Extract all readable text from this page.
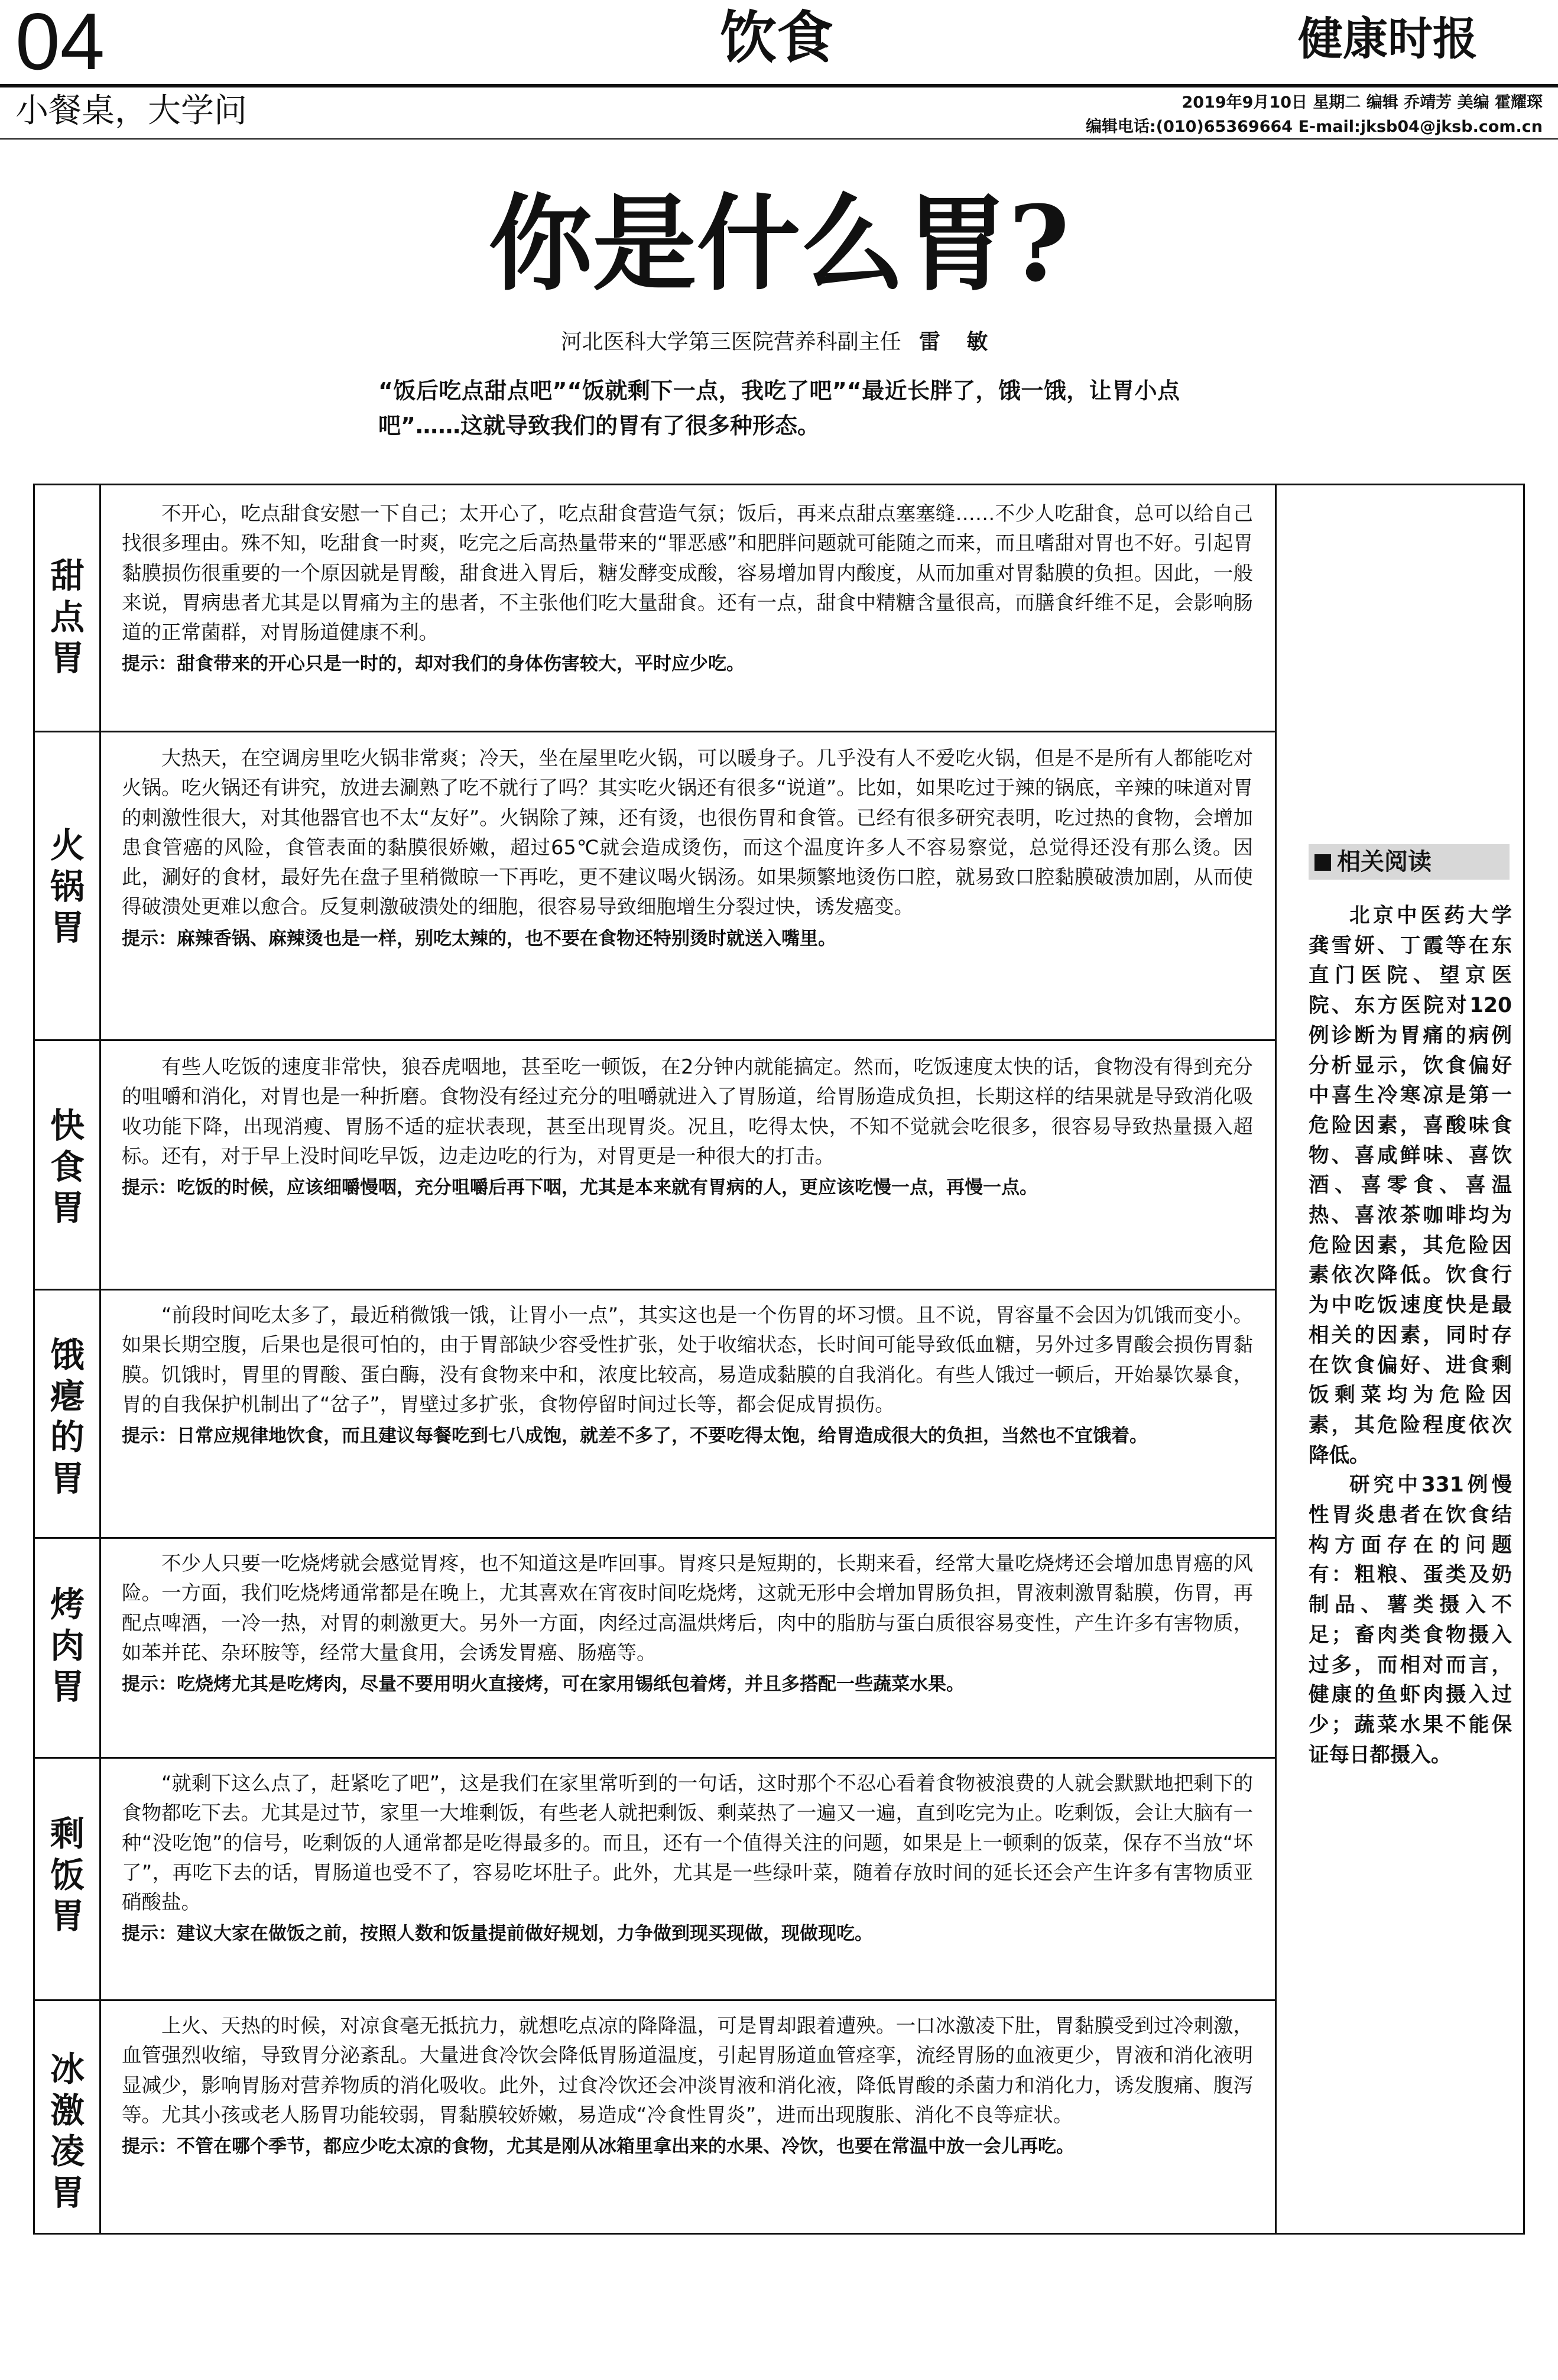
04	饮食	健康时报
小餐桌，大学问	2019年9月10日 星期二 编辑 乔靖芳 美编 霍耀琛
编辑电话:(010)65369664 E-mail:jksb04@jksb.com.cn
你是什么胃?
河北医科大学第三医院营养科副主任 雷 敏
“饭后吃点甜点吧”“饭就剩下一点，我吃了吧”“最近长胖了，饿一饿，让胃小点吧”……这就导致我们的胃有了很多种形态。
甜
点
胃

不开心，吃点甜食安慰一下自己；太开心了，吃点甜食营造气氛；饭后，再来点甜点塞塞缝……不少人吃甜食，总可以给自己找很多理由。殊不知，吃甜食一时爽，吃完之后高热量带来的“罪恶感”和肥胖问题就可能随之而来，而且嗜甜对胃也不好。引起胃黏膜损伤很重要的一个原因就是胃酸，甜食进入胃后，糖发酵变成酸，容易增加胃内酸度，从而加重对胃黏膜的负担。因此，一般来说，胃病患者尤其是以胃痛为主的患者，不主张他们吃大量甜食。还有一点，甜食中精糖含量很高，而膳食纤维不足，会影响肠道的正常菌群，对胃肠道健康不利。

提示：甜食带来的开心只是一时的，却对我们的身体伤害较大，平时应少吃。

火
锅
胃

大热天，在空调房里吃火锅非常爽；冷天，坐在屋里吃火锅，可以暖身子。几乎没有人不爱吃火锅，但是不是所有人都能吃对火锅。吃火锅还有讲究，放进去涮熟了吃不就行了吗？其实吃火锅还有很多“说道”。比如，如果吃过于辣的锅底，辛辣的味道对胃的刺激性很大，对其他器官也不太“友好”。火锅除了辣，还有烫，也很伤胃和食管。已经有很多研究表明，吃过热的食物，会增加患食管癌的风险，食管表面的黏膜很娇嫩，超过65℃就会造成烫伤，而这个温度许多人不容易察觉，总觉得还没有那么烫。因此，涮好的食材，最好先在盘子里稍微晾一下再吃，更不建议喝火锅汤。如果频繁地烫伤口腔，就易致口腔黏膜破溃加剧，从而使得破溃处更难以愈合。反复刺激破溃处的细胞，很容易导致细胞增生分裂过快，诱发癌变。

提示：麻辣香锅、麻辣烫也是一样，别吃太辣的，也不要在食物还特别烫时就送入嘴里。

快
食
胃

有些人吃饭的速度非常快，狼吞虎咽地，甚至吃一顿饭，在2分钟内就能搞定。然而，吃饭速度太快的话，食物没有得到充分的咀嚼和消化，对胃也是一种折磨。食物没有经过充分的咀嚼就进入了胃肠道，给胃肠造成负担，长期这样的结果就是导致消化吸收功能下降，出现消瘦、胃肠不适的症状表现，甚至出现胃炎。况且，吃得太快，不知不觉就会吃很多，很容易导致热量摄入超标。还有，对于早上没时间吃早饭，边走边吃的行为，对胃更是一种很大的打击。

提示：吃饭的时候，应该细嚼慢咽，充分咀嚼后再下咽，尤其是本来就有胃病的人，更应该吃慢一点，再慢一点。

饿
瘪
的
胃

“前段时间吃太多了，最近稍微饿一饿，让胃小一点”，其实这也是一个伤胃的坏习惯。且不说，胃容量不会因为饥饿而变小。如果长期空腹，后果也是很可怕的，由于胃部缺少容受性扩张，处于收缩状态，长时间可能导致低血糖，另外过多胃酸会损伤胃黏膜。饥饿时，胃里的胃酸、蛋白酶，没有食物来中和，浓度比较高，易造成黏膜的自我消化。有些人饿过一顿后，开始暴饮暴食，胃的自我保护机制出了“岔子”，胃壁过多扩张，食物停留时间过长等，都会促成胃损伤。

提示：日常应规律地饮食，而且建议每餐吃到七八成饱，就差不多了，不要吃得太饱，给胃造成很大的负担，当然也不宜饿着。

烤
肉
胃

不少人只要一吃烧烤就会感觉胃疼，也不知道这是咋回事。胃疼只是短期的，长期来看，经常大量吃烧烤还会增加患胃癌的风险。一方面，我们吃烧烤通常都是在晚上，尤其喜欢在宵夜时间吃烧烤，这就无形中会增加胃肠负担，胃液刺激胃黏膜，伤胃，再配点啤酒，一冷一热，对胃的刺激更大。另外一方面，肉经过高温烘烤后，肉中的脂肪与蛋白质很容易变性，产生许多有害物质，如苯并芘、杂环胺等，经常大量食用，会诱发胃癌、肠癌等。

提示：吃烧烤尤其是吃烤肉，尽量不要用明火直接烤，可在家用锡纸包着烤，并且多搭配一些蔬菜水果。

剩
饭
胃

“就剩下这么点了，赶紧吃了吧”，这是我们在家里常听到的一句话，这时那个不忍心看着食物被浪费的人就会默默地把剩下的食物都吃下去。尤其是过节，家里一大堆剩饭，有些老人就把剩饭、剩菜热了一遍又一遍，直到吃完为止。吃剩饭，会让大脑有一种“没吃饱”的信号，吃剩饭的人通常都是吃得最多的。而且，还有一个值得关注的问题，如果是上一顿剩的饭菜，保存不当放“坏了”，再吃下去的话，胃肠道也受不了，容易吃坏肚子。此外，尤其是一些绿叶菜，随着存放时间的延长还会产生许多有害物质亚硝酸盐。

提示：建议大家在做饭之前，按照人数和饭量提前做好规划，力争做到现买现做，现做现吃。

冰
激
凌
胃

上火、天热的时候，对凉食毫无抵抗力，就想吃点凉的降降温，可是胃却跟着遭殃。一口冰激凌下肚，胃黏膜受到过冷刺激，血管强烈收缩，导致胃分泌紊乱。大量进食冷饮会降低胃肠道温度，引起胃肠道血管痉挛，流经胃肠的血液更少，胃液和消化液明显减少，影响胃肠对营养物质的消化吸收。此外，过食冷饮还会冲淡胃液和消化液，降低胃酸的杀菌力和消化力，诱发腹痛、腹泻等。尤其小孩或老人肠胃功能较弱，胃黏膜较娇嫩，易造成“冷食性胃炎”，进而出现腹胀、消化不良等症状。

提示：不管在哪个季节，都应少吃太凉的食物，尤其是刚从冰箱里拿出来的水果、冷饮，也要在常温中放一会儿再吃。

相关阅读

北京中医药大学龚雪妍、丁霞等在东直门医院、望京医院、东方医院对120例诊断为胃痛的病例分析显示，饮食偏好中喜生冷寒凉是第一危险因素，喜酸味食物、喜咸鲜味、喜饮酒、喜零食、喜温热、喜浓茶咖啡均为危险因素，其危险因素依次降低。饮食行为中吃饭速度快是最相关的因素，同时存在饮食偏好、进食剩饭剩菜均为危险因素，其危险程度依次降低。

研究中331例慢性胃炎患者在饮食结构方面存在的问题有：粗粮、蛋类及奶制品、薯类摄入不足；畜肉类食物摄入过多，而相对而言，健康的鱼虾肉摄入过少；蔬菜水果不能保证每日都摄入。
